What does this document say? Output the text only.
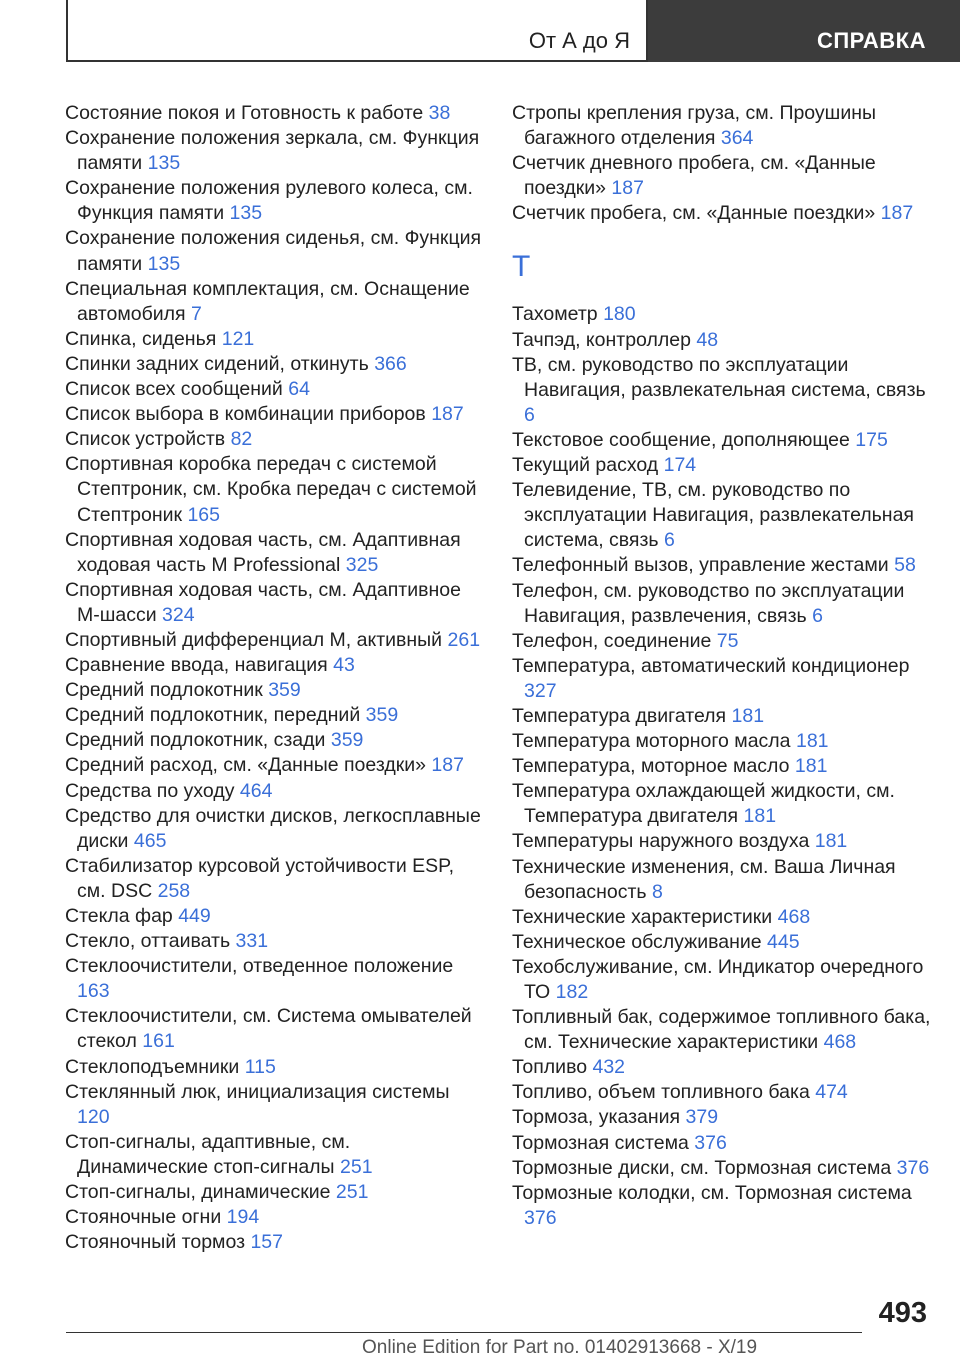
От А до Я	СПРАВКА

Состояние покоя и Готовность к работе 38

Сохранение положения зеркала, см. Функция памяти 135

Сохранение положения рулевого колеса, см. Функция памяти 135

Сохранение положения сиденья, см. Функция памяти 135

Специальная комплектация, см. Оснащение автомобиля 7

Спинка, сиденья 121

Спинки задних сидений, откинуть 366

Список всех сообщений 64

Список выбора в комбинации приборов 187

Список устройств 82

Спортивная коробка передач с системой Стептроник, см. Кробка передач с системой Стептроник 165

Спортивная ходовая часть, см. Адаптивная ходовая часть M Professional 325

Спортивная ходовая часть, см. Адаптивное M-шасси 324

Спортивный дифференциал M, активный 261

Сравнение ввода, навигация 43

Средний подлокотник 359

Средний подлокотник, передний 359

Средний подлокотник, сзади 359

Средний расход, см. «Данные поездки» 187

Средства по уходу 464

Средство для очистки дисков, легкосплавные диски 465

Стабилизатор курсовой устойчивости ESP, см. DSC 258

Стекла фар 449

Стекло, оттаивать 331

Стеклоочистители, отведенное положение 163

Стеклоочистители, см. Система омывателей стекол 161

Стеклоподъемники 115

Стеклянный люк, инициализация системы 120

Стоп-сигналы, адаптивные, см. Динамические стоп-сигналы 251

Стоп-сигналы, динамические 251

Стояночные огни 194

Стояночный тормоз 157

Стропы крепления груза, см. Проушины багажного отделения 364

Счетчик дневного пробега, см. «Данные поездки» 187

Счетчик пробега, см. «Данные поездки» 187

Т

Тахометр 180

Тачпэд, контроллер 48

ТВ, см. руководство по эксплуатации Навигация, развлекательная система, связь 6

Текстовое сообщение, дополняющее 175

Текущий расход 174

Телевидение, ТВ, см. руководство по эксплуатации Навигация, развлекательная система, связь 6

Телефонный вызов, управление жестами 58

Телефон, см. руководство по эксплуатации Навигация, развлечения, связь 6

Телефон, соединение 75

Температура, автоматический кондиционер 327

Температура двигателя 181

Температура моторного масла 181

Температура, моторное масло 181

Температура охлаждающей жидкости, см. Температура двигателя 181

Температуры наружного воздуха 181

Технические изменения, см. Ваша Личная безопасность 8

Технические характеристики 468

Техническое обслуживание 445

Техобслуживание, см. Индикатор очередного ТО 182

Топливный бак, содержимое топливного бака, см. Технические характеристики 468

Топливо 432

Топливо, объем топливного бака 474

Тормоза, указания 379

Тормозная система 376

Тормозные диски, см. Тормозная система 376

Тормозные колодки, см. Тормозная система 376

493
Online Edition for Part no. 01402913668 - X/19
